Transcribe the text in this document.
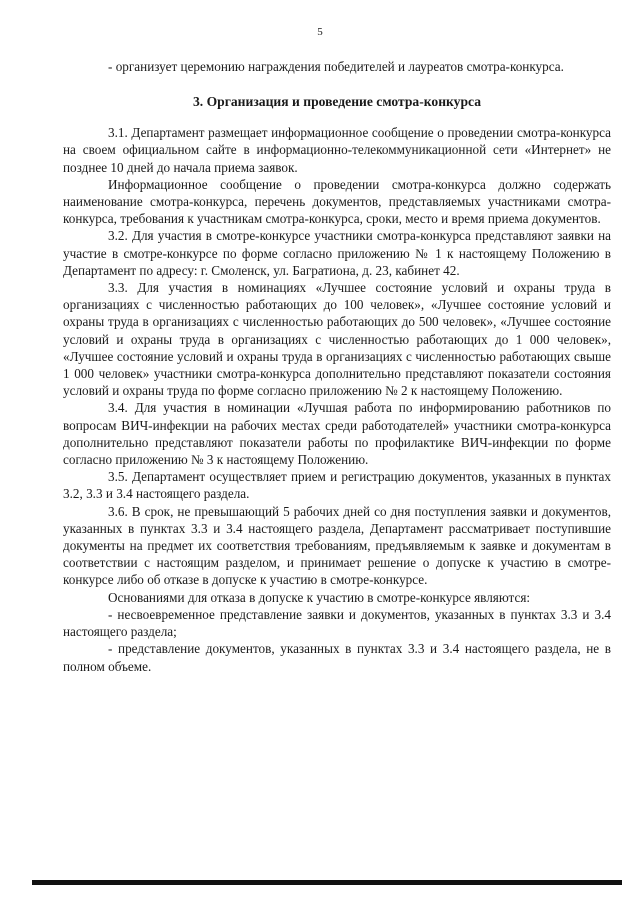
5

- организует церемонию награждения победителей и лауреатов смотра-конкурса.

3. Организация и проведение смотра-конкурса

3.1. Департамент размещает информационное сообщение о проведении смотра-конкурса на своем официальном сайте в информационно-телекоммуникационной сети «Интернет» не позднее 10 дней до начала приема заявок.

Информационное сообщение о проведении смотра-конкурса должно содержать наименование смотра-конкурса, перечень документов, представляемых участниками смотра-конкурса, требования к участникам смотра-конкурса, сроки, место и время приема документов.

3.2. Для участия в смотре-конкурсе участники смотра-конкурса представляют заявки на участие в смотре-конкурсе по форме согласно приложению № 1 к настоящему Положению в Департамент по адресу: г. Смоленск, ул. Багратиона, д. 23, кабинет 42.

3.3. Для участия в номинациях «Лучшее состояние условий и охраны труда в организациях с численностью работающих до 100 человек», «Лучшее состояние условий и охраны труда в организациях с численностью работающих до 500 человек», «Лучшее состояние условий и охраны труда в организациях с численностью работающих до 1 000 человек», «Лучшее состояние условий и охраны труда в организациях с численностью работающих свыше 1 000 человек» участники смотра-конкурса дополнительно представляют показатели состояния условий и охраны труда по форме согласно приложению № 2 к настоящему Положению.

3.4. Для участия в номинации «Лучшая работа по информированию работников по вопросам ВИЧ-инфекции на рабочих местах среди работодателей» участники смотра-конкурса дополнительно представляют показатели работы по профилактике ВИЧ-инфекции по форме согласно приложению № 3 к настоящему Положению.

3.5. Департамент осуществляет прием и регистрацию документов, указанных в пунктах 3.2, 3.3 и 3.4 настоящего раздела.

3.6. В срок, не превышающий 5 рабочих дней со дня поступления заявки и документов, указанных в пунктах 3.3 и 3.4 настоящего раздела, Департамент рассматривает поступившие документы на предмет их соответствия требованиям, предъявляемым к заявке и документам в соответствии с настоящим разделом, и принимает решение о допуске к участию в смотре-конкурсе либо об отказе в допуске к участию в смотре-конкурсе.

Основаниями для отказа в допуске к участию в смотре-конкурсе являются:

- несвоевременное представление заявки и документов, указанных в пунктах 3.3 и 3.4 настоящего раздела;

- представление документов, указанных в пунктах 3.3 и 3.4 настоящего раздела, не в полном объеме.
